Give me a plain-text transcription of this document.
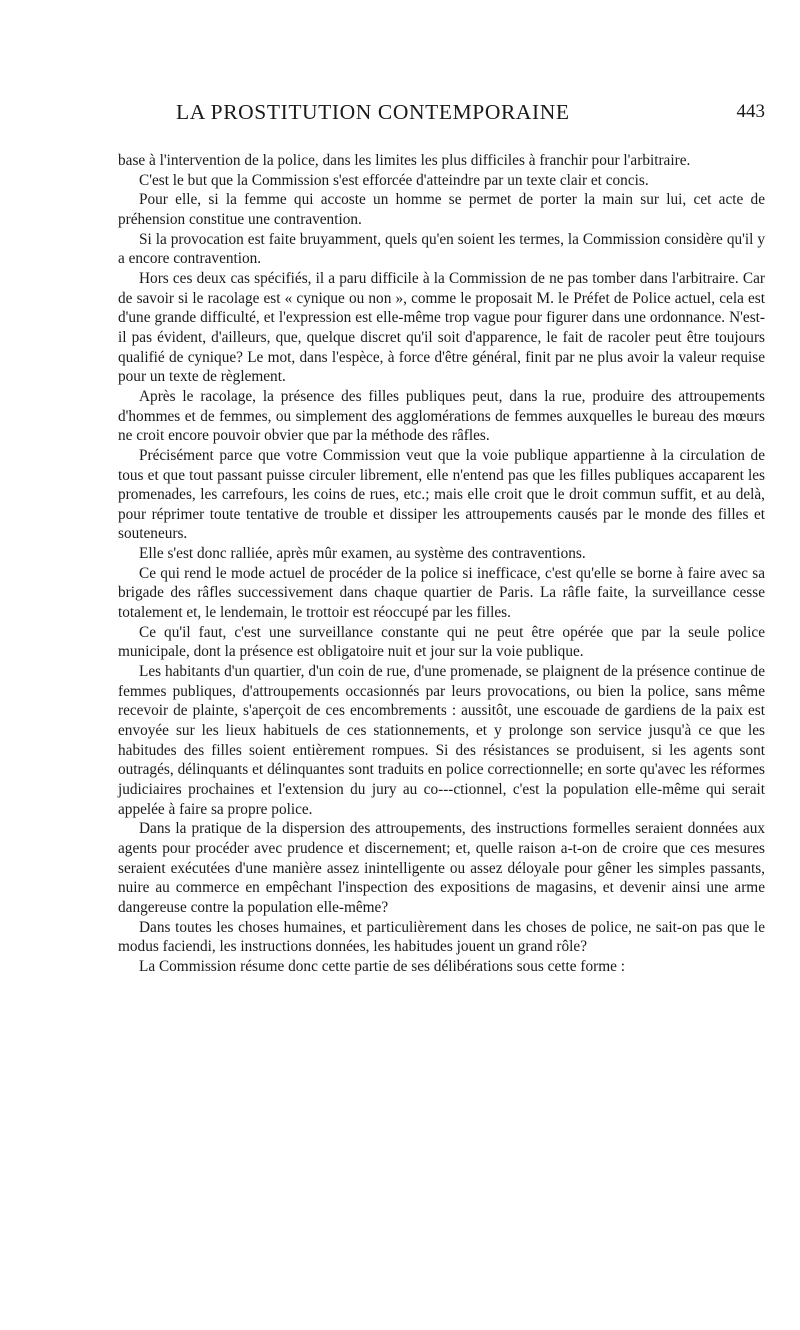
LA PROSTITUTION CONTEMPORAINE	443

base à l'intervention de la police, dans les limites les plus difficiles à franchir pour l'arbitraire.

C'est le but que la Commission s'est efforcée d'atteindre par un texte clair et concis.

Pour elle, si la femme qui accoste un homme se permet de porter la main sur lui, cet acte de préhension constitue une contravention.

Si la provocation est faite bruyamment, quels qu'en soient les termes, la Commission considère qu'il y a encore contravention.

Hors ces deux cas spécifiés, il a paru difficile à la Commission de ne pas tomber dans l'arbitraire. Car de savoir si le racolage est « cynique ou non », comme le proposait M. le Préfet de Police actuel, cela est d'une grande difficulté, et l'expression est elle-même trop vague pour figurer dans une ordonnance. N'est-il pas évident, d'ailleurs, que, quelque discret qu'il soit d'apparence, le fait de racoler peut être toujours qualifié de cynique? Le mot, dans l'espèce, à force d'être général, finit par ne plus avoir la valeur requise pour un texte de règlement.

Après le racolage, la présence des filles publiques peut, dans la rue, produire des attroupements d'hommes et de femmes, ou simplement des agglomérations de femmes auxquelles le bureau des mœurs ne croit encore pouvoir obvier que par la méthode des râfles.

Précisément parce que votre Commission veut que la voie publique appartienne à la circulation de tous et que tout passant puisse circuler librement, elle n'entend pas que les filles publiques accaparent les promenades, les carrefours, les coins de rues, etc.; mais elle croit que le droit commun suffit, et au delà, pour réprimer toute tentative de trouble et dissiper les attroupements causés par le monde des filles et souteneurs.

Elle s'est donc ralliée, après mûr examen, au système des contraventions.

Ce qui rend le mode actuel de procéder de la police si inefficace, c'est qu'elle se borne à faire avec sa brigade des râfles successivement dans chaque quartier de Paris. La râfle faite, la surveillance cesse totalement et, le lendemain, le trottoir est réoccupé par les filles.

Ce qu'il faut, c'est une surveillance constante qui ne peut être opérée que par la seule police municipale, dont la présence est obligatoire nuit et jour sur la voie publique.

Les habitants d'un quartier, d'un coin de rue, d'une promenade, se plaignent de la présence continue de femmes publiques, d'attroupements occasionnés par leurs provocations, ou bien la police, sans même recevoir de plainte, s'aperçoit de ces encombrements : aussitôt, une escouade de gardiens de la paix est envoyée sur les lieux habituels de ces stationnements, et y prolonge son service jusqu'à ce que les habitudes des filles soient entièrement rompues. Si des résistances se produisent, si les agents sont outragés, délinquants et délinquantes sont traduits en police correctionnelle; en sorte qu'avec les réformes judiciaires prochaines et l'extension du jury au co‑‑‑ctionnel, c'est la population elle-même qui serait appelée à faire sa propre police.

Dans la pratique de la dispersion des attroupements, des instructions formelles seraient données aux agents pour procéder avec prudence et discernement; et, quelle raison a-t-on de croire que ces mesures seraient exécutées d'une manière assez inintelligente ou assez déloyale pour gêner les simples passants, nuire au commerce en empêchant l'inspection des expositions de magasins, et devenir ainsi une arme dangereuse contre la population elle-même?

Dans toutes les choses humaines, et particulièrement dans les choses de police, ne sait-on pas que le modus faciendi, les instructions données, les habitudes jouent un grand rôle?

La Commission résume donc cette partie de ses délibérations sous cette forme :
